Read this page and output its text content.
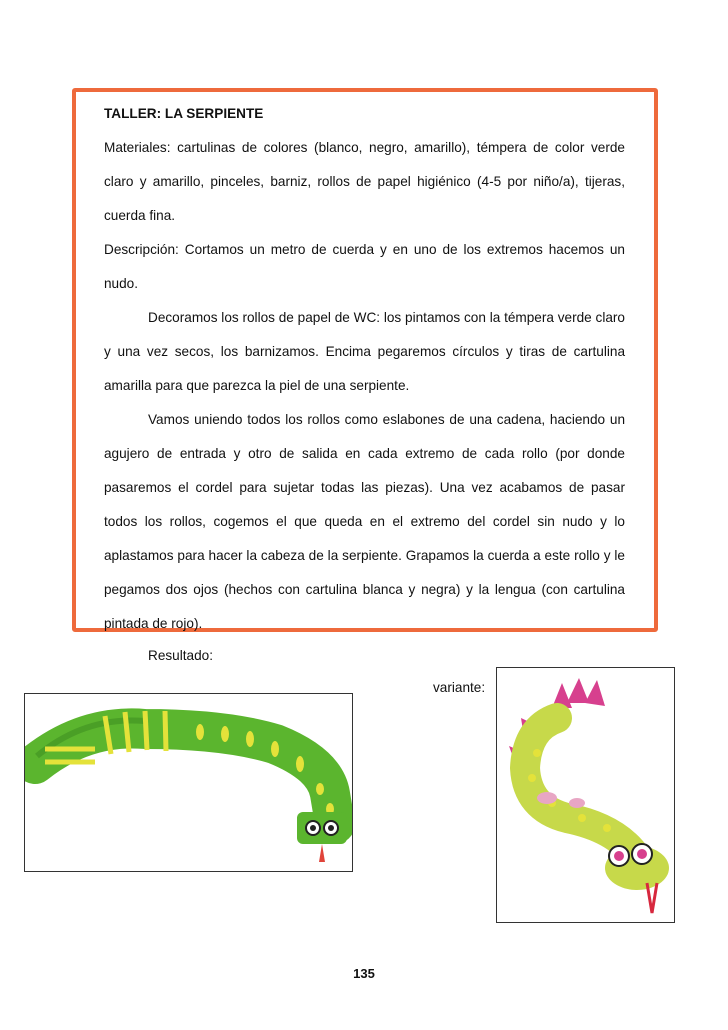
TALLER: LA SERPIENTE

Materiales: cartulinas de colores (blanco, negro, amarillo), témpera de color verde claro y amarillo, pinceles, barniz, rollos de papel higiénico (4-5 por niño/a), tijeras, cuerda fina.

Descripción: Cortamos un metro de cuerda y en uno de los extremos hacemos un nudo.

Decoramos los rollos de papel de WC: los pintamos con la témpera verde claro y una vez secos, los barnizamos. Encima pegaremos círculos y tiras de cartulina amarilla para que parezca la piel de una serpiente.

Vamos uniendo todos los rollos como eslabones de una cadena, haciendo un agujero de entrada y otro de salida en cada extremo de cada rollo (por donde pasaremos el cordel para sujetar todas las piezas). Una vez acabamos de pasar todos los rollos, cogemos el que queda en el extremo del cordel sin nudo y lo aplastamos para hacer la cabeza de la serpiente. Grapamos la cuerda a este rollo y le pegamos dos ojos (hechos con cartulina blanca y negra) y la lengua (con cartulina pintada de rojo).

Resultado:
variante:
135
